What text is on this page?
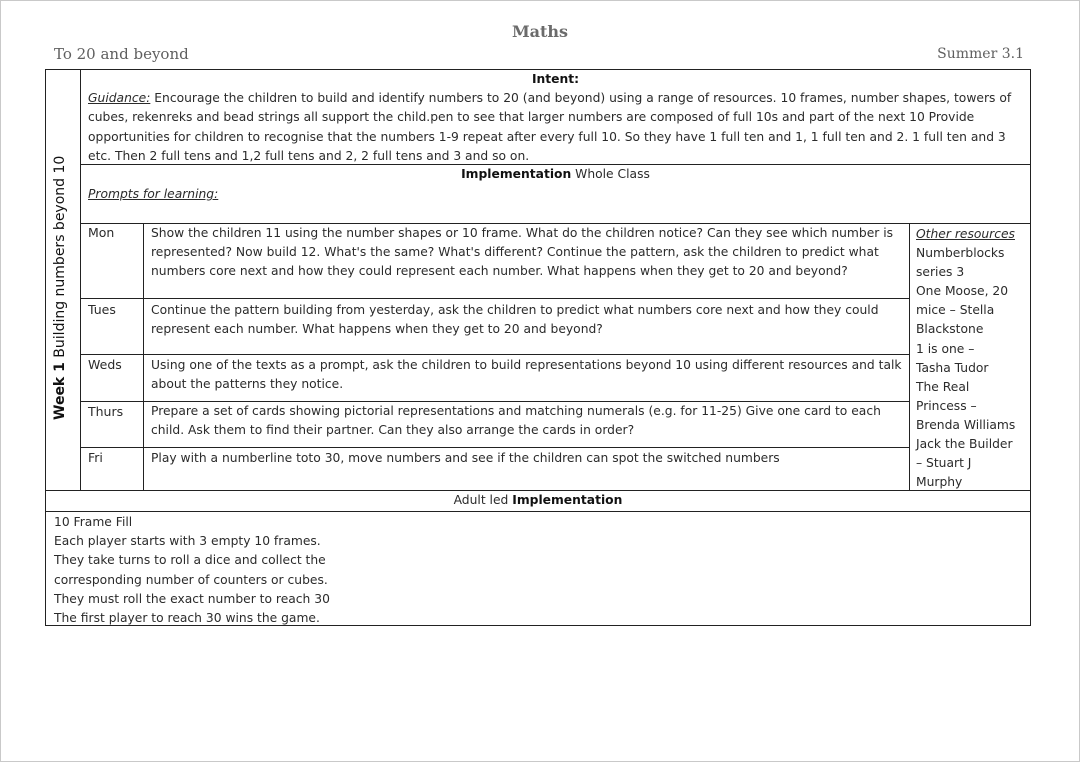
Maths
To 20 and beyond	Summer 3.1
Week 1 Building numbers beyond 10
Intent:
Guidance: Encourage the children to build and identify numbers to 20 (and beyond) using a range of resources. 10 frames, number shapes, towers of cubes, rekenreks and bead strings all support the child.pen to see that larger numbers are composed of full 10s and part of the next 10 Provide opportunities for children to recognise that the numbers 1-9 repeat after every full 10. So they have 1 full ten and 1, 1 full ten and 2. 1 full ten and 3 etc. Then 2 full tens and 1,2 full tens and 2, 2 full tens and 3 and so on.
Implementation Whole Class
Prompts for learning:
Mon	Show the children 11 using the number shapes or 10 frame. What do the children notice? Can they see which number is represented? Now build 12. What's the same? What's different? Continue the pattern, ask the children to predict what numbers core next and how they could represent each number. What happens when they get to 20 and beyond?
Tues	Continue the pattern building from yesterday, ask the children to predict what numbers core next and how they could represent each number. What happens when they get to 20 and beyond?
Weds Using one of the texts as a prompt, ask the children to build representations beyond 10 using different resources and talk about the patterns they notice.
Thurs Prepare a set of cards showing pictorial representations and matching numerals (e.g. for 11-25) Give one card to each child. Ask them to find their partner. Can they also arrange the cards in order?
Fri	Play with a numberline toto 30, move numbers and see if the children can spot the switched numbers
Other resources
Numberblocks
series 3
One Moose, 20
mice – Stella
Blackstone
1 is one –
Tasha Tudor
The Real
Princess –
Brenda Williams
Jack the Builder
– Stuart J
Murphy
Adult led Implementation
10 Frame Fill
Each player starts with 3 empty 10 frames.
They take turns to roll a dice and collect the
corresponding number of counters or cubes.
They must roll the exact number to reach 30
The first player to reach 30 wins the game.
